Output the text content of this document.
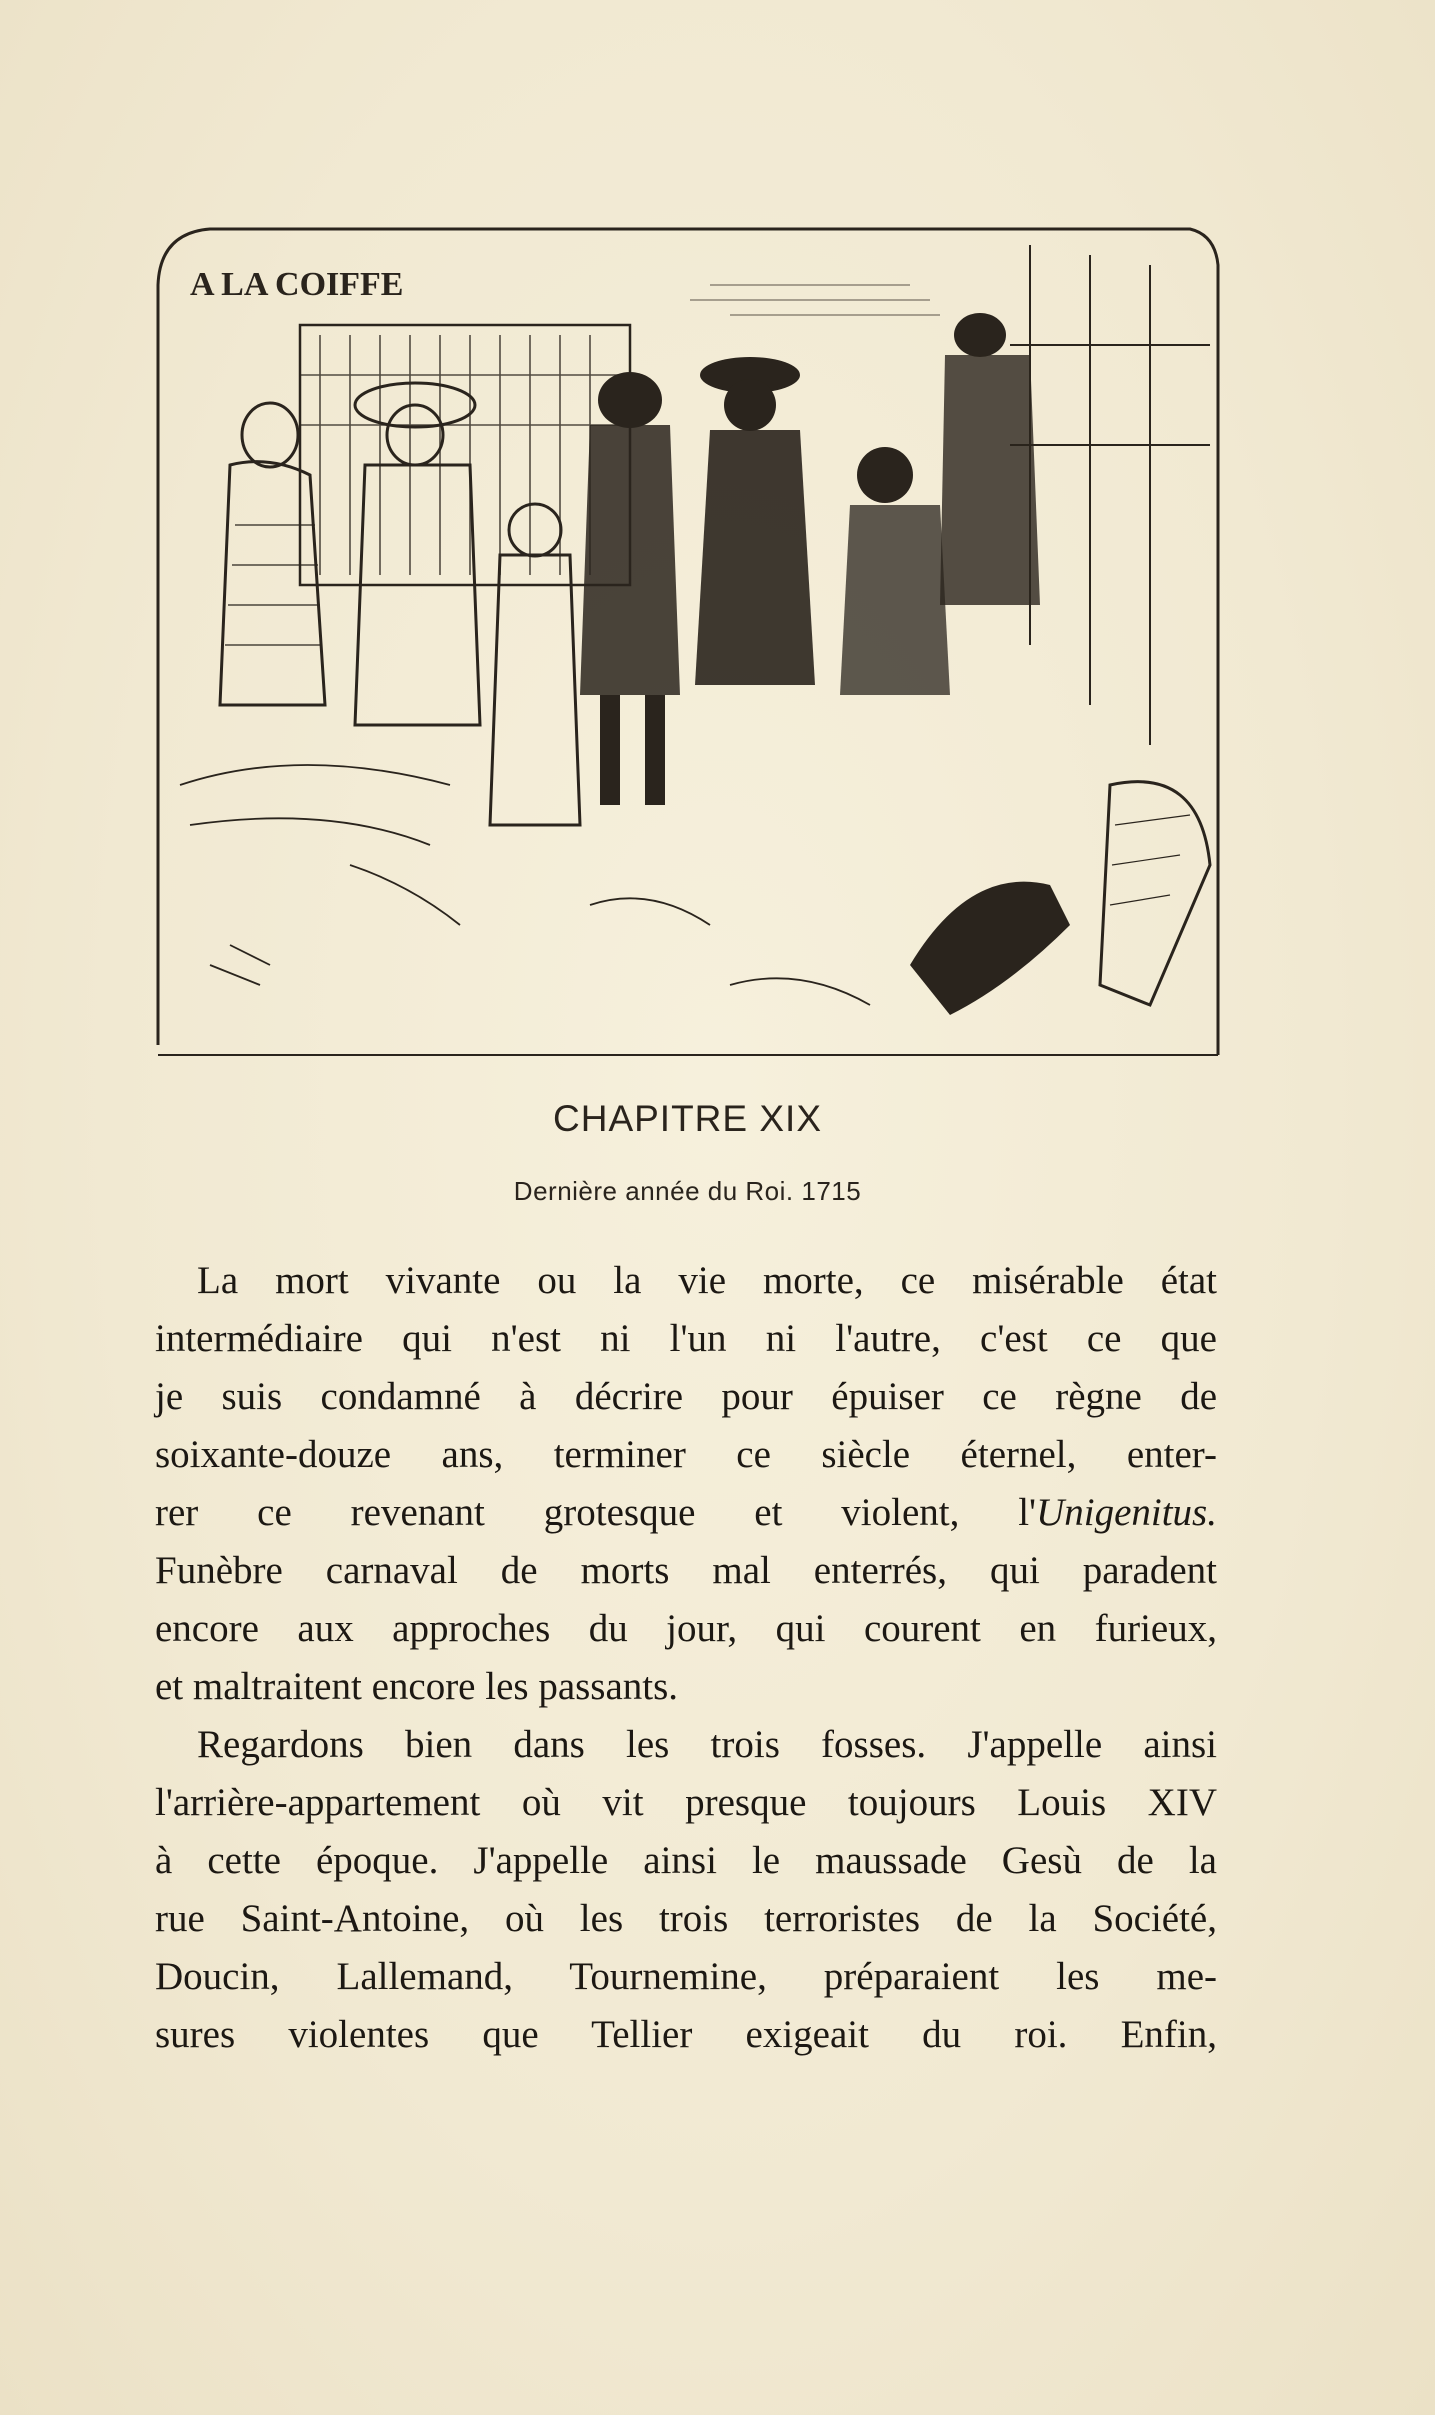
A LA COIFFE
CHAPITRE XIX
Dernière année du Roi. 1715
La mort vivante ou la vie morte, ce misérable état
intermédiaire qui n'est ni l'un ni l'autre, c'est ce que
je suis condamné à décrire pour épuiser ce règne de
soixante-douze ans, terminer ce siècle éternel, enter-
rer ce revenant grotesque et violent, l'Unigenitus.
Funèbre carnaval de morts mal enterrés, qui paradent
encore aux approches du jour, qui courent en furieux,
et maltraitent encore les passants.
Regardons bien dans les trois fosses. J'appelle ainsi
l'arrière-appartement où vit presque toujours Louis XIV
à cette époque. J'appelle ainsi le maussade Gesù de la
rue Saint-Antoine, où les trois terroristes de la Société,
Doucin, Lallemand, Tournemine, préparaient les me-
sures violentes que Tellier exigeait du roi. Enfin,
